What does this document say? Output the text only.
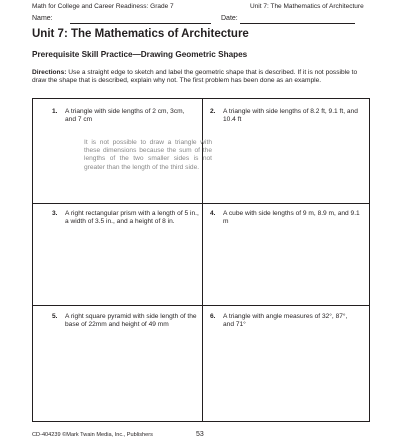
Math for College and Career Readiness: Grade 7	Unit 7: The Mathematics of Architecture
Name:	Date:
Unit 7: The Mathematics of Architecture
Prerequisite Skill Practice—Drawing Geometric Shapes
Directions: Use a straight edge to sketch and label the geometric shape that is described. If it is not possible to draw the shape that is described, explain why not. The first problem has been done as an example.
1. A triangle with side lengths of 2 cm, 3cm, and 7 cm
It is not possible to draw a triangle with these dimensions because the sum of the lengths of the two smaller sides is not greater than the length of the third side.
2. A triangle with side lengths of 8.2 ft, 9.1 ft, and 10.4 ft
3. A right rectangular prism with a length of 5 in., a width of 3.5 in., and a height of 8 in.
4. A cube with side lengths of 9 m, 8.9 m, and 9.1 m
5. A right square pyramid with side length of the base of 22mm and height of 49 mm
6. A triangle with angle measures of 32°, 87°, and 71°
CD-404239 ©Mark Twain Media, Inc., Publishers	53
